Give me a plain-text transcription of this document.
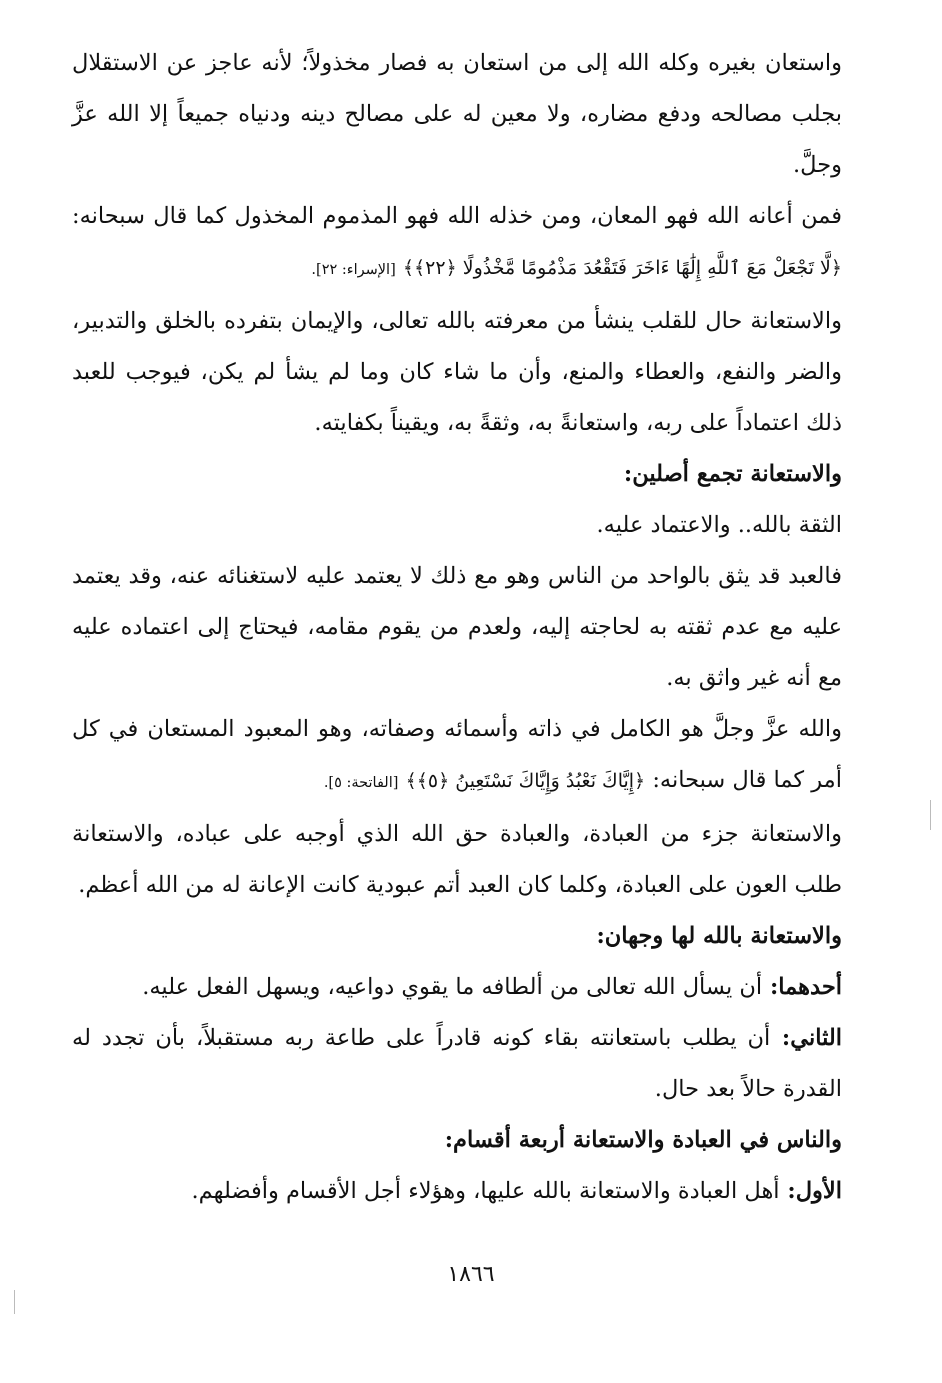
واستعان بغيره وكله الله إلى من استعان به فصار مخذولاً؛ لأنه عاجز عن الاستقلال بجلب مصالحه ودفع مضاره، ولا معين له على مصالح دينه ودنياه جميعاً إلا الله عزَّ وجلَّ.

فمن أعانه الله فهو المعان، ومن خذله الله فهو المذموم المخذول كما قال سبحانه: ﴿لَّا تَجْعَلْ مَعَ ٱللَّهِ إِلَٰهًا ءَاخَرَ فَتَقْعُدَ مَذْمُومًا مَّخْذُولًا ﴿٢٢﴾﴾ [الإسراء: ٢٢].

والاستعانة حال للقلب ينشأ من معرفته بالله تعالى، والإيمان بتفرده بالخلق والتدبير، والضر والنفع، والعطاء والمنع، وأن ما شاء كان وما لم يشأ لم يكن، فيوجب للعبد ذلك اعتماداً على ربه، واستعانةً به، وثقةً به، ويقيناً بكفايته.

والاستعانة تجمع أصلين:

الثقة بالله.. والاعتماد عليه.

فالعبد قد يثق بالواحد من الناس وهو مع ذلك لا يعتمد عليه لاستغنائه عنه، وقد يعتمد عليه مع عدم ثقته به لحاجته إليه، ولعدم من يقوم مقامه، فيحتاج إلى اعتماده عليه مع أنه غير واثق به.

والله عزَّ وجلَّ هو الكامل في ذاته وأسمائه وصفاته، وهو المعبود المستعان في كل أمر كما قال سبحانه: ﴿إِيَّاكَ نَعْبُدُ وَإِيَّاكَ نَسْتَعِينُ ﴿٥﴾﴾ [الفاتحة: ٥].

والاستعانة جزء من العبادة، والعبادة حق الله الذي أوجبه على عباده، والاستعانة طلب العون على العبادة، وكلما كان العبد أتم عبودية كانت الإعانة له من الله أعظم.

والاستعانة بالله لها وجهان:

أحدهما: أن يسأل الله تعالى من ألطافه ما يقوي دواعيه، ويسهل الفعل عليه.

الثاني: أن يطلب باستعانته بقاء كونه قادراً على طاعة ربه مستقبلاً، بأن تجدد له القدرة حالاً بعد حال.

والناس في العبادة والاستعانة أربعة أقسام:

الأول: أهل العبادة والاستعانة بالله عليها، وهؤلاء أجل الأقسام وأفضلهم.

١٨٦٦
